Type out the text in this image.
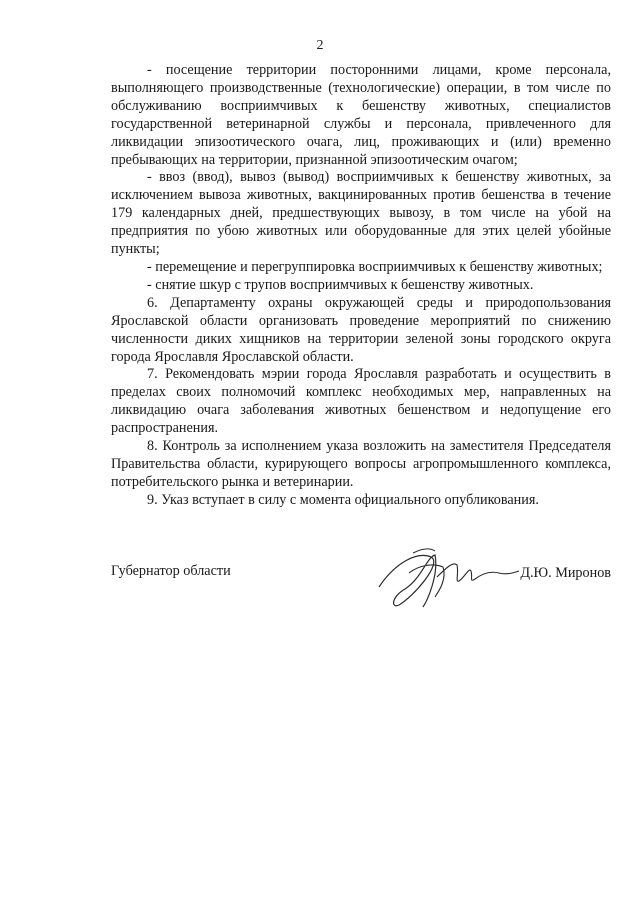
2

- посещение территории посторонними лицами, кроме персонала, выполняющего производственные (технологические) операции, в том числе по обслуживанию восприимчивых к бешенству животных, специалистов государственной ветеринарной службы и персонала, привлеченного для ликвидации эпизоотического очага, лиц, проживающих и (или) временно пребывающих на территории, признанной эпизоотическим очагом;

- ввоз (ввод), вывоз (вывод) восприимчивых к бешенству животных, за исключением вывоза животных, вакцинированных против бешенства в течение 179 календарных дней, предшествующих вывозу, в том числе на убой на предприятия по убою животных или оборудованные для этих целей убойные пункты;

- перемещение и перегруппировка восприимчивых к бешенству животных;

- снятие шкур с трупов восприимчивых к бешенству животных.

6. Департаменту охраны окружающей среды и природопользования Ярославской области организовать проведение мероприятий по снижению численности диких хищников на территории зеленой зоны городского округа города Ярославля Ярославской области.

7. Рекомендовать мэрии города Ярославля разработать и осуществить в пределах своих полномочий комплекс необходимых мер, направленных на ликвидацию очага заболевания животных бешенством и недопущение его распространения.

8. Контроль за исполнением указа возложить на заместителя Председателя Правительства области, курирующего вопросы агропромышленного комплекса, потребительского рынка и ветеринарии.

9. Указ вступает в силу с момента официального опубликования.

Губернатор области	Д.Ю. Миронов
